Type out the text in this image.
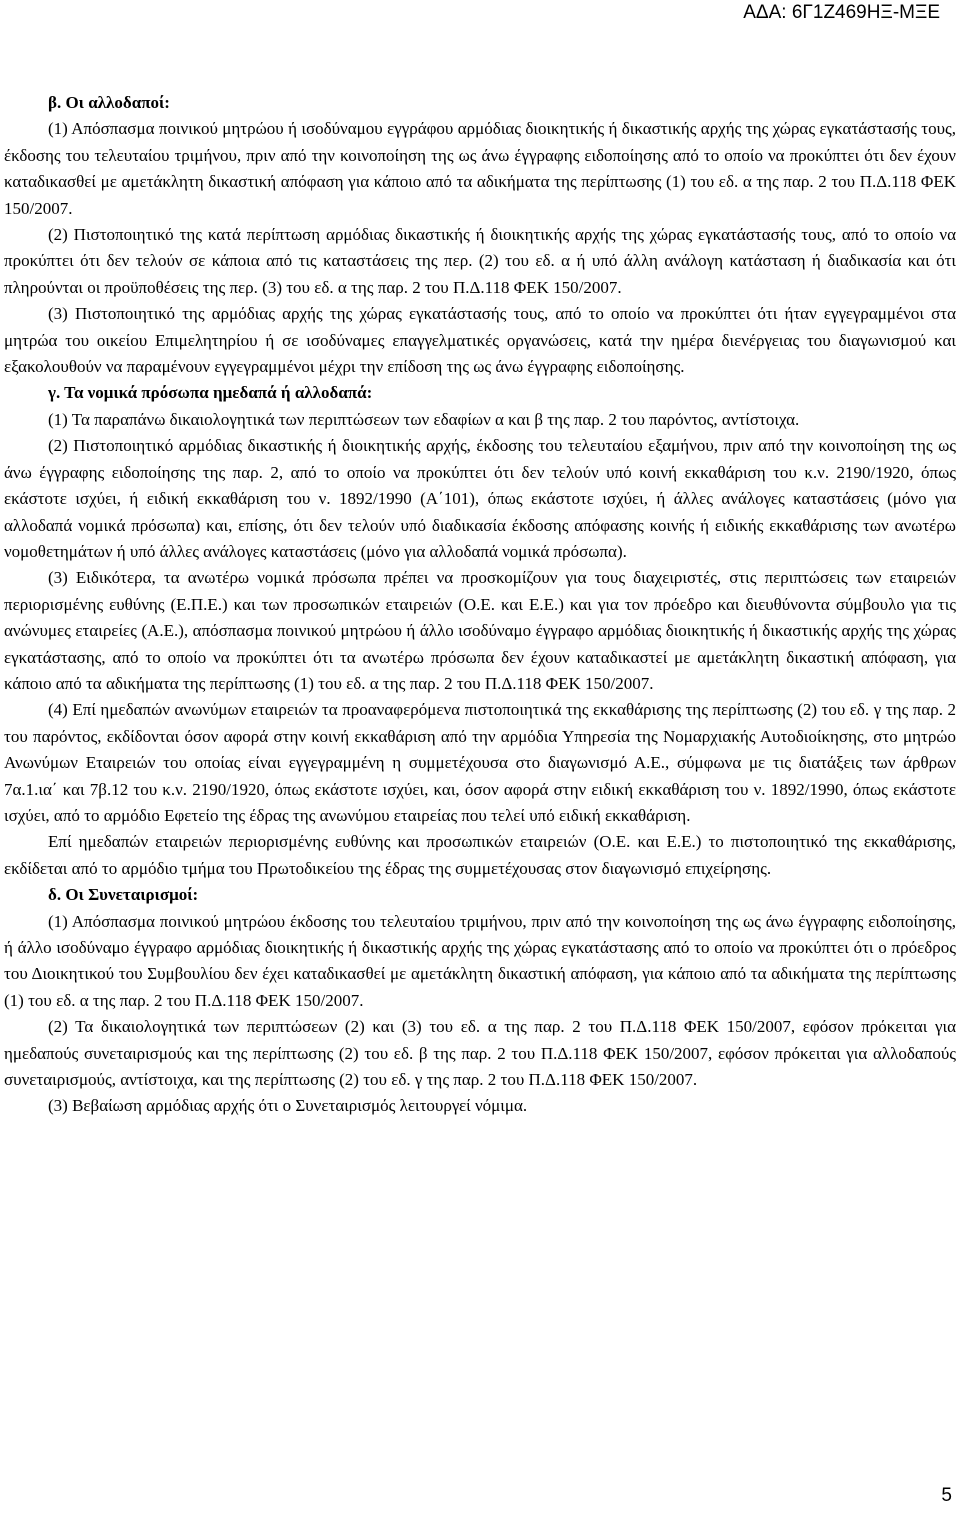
ΑΔΑ: 6Γ1Ζ469ΗΞ-ΜΞΕ

β. Οι αλλοδαποί:

(1) Απόσπασμα ποινικού μητρώου ή ισοδύναμου εγγράφου αρμόδιας διοικητικής ή δικαστικής αρχής της χώρας εγκατάστασής τους, έκδοσης του τελευταίου τριμήνου, πριν από την κοινοποίηση της ως άνω έγγραφης ειδοποίησης από το οποίο να προκύπτει ότι δεν έχουν καταδικασθεί με αμετάκλητη δικαστική απόφαση για κάποιο από τα αδικήματα της περίπτωσης (1) του εδ. α της παρ. 2 του Π.Δ.118 ΦΕΚ 150/2007.

(2) Πιστοποιητικό της κατά περίπτωση αρμόδιας δικαστικής ή διοικητικής αρχής της χώρας εγκατάστασής τους, από το οποίο να προκύπτει ότι δεν τελούν σε κάποια από τις καταστάσεις της περ. (2) του εδ. α ή υπό άλλη ανάλογη κατάσταση ή διαδικασία και ότι πληρούνται οι προϋποθέσεις της περ. (3) του εδ. α της παρ. 2 του Π.Δ.118 ΦΕΚ 150/2007.

(3) Πιστοποιητικό της αρμόδιας αρχής της χώρας εγκατάστασής τους, από το οποίο να προκύπτει ότι ήταν εγγεγραμμένοι στα μητρώα του οικείου Επιμελητηρίου ή σε ισοδύναμες επαγγελματικές οργανώσεις, κατά την ημέρα διενέργειας του διαγωνισμού και εξακολουθούν να παραμένουν εγγεγραμμένοι μέχρι την επίδοση της ως άνω έγγραφης ειδοποίησης.

γ. Τα νομικά πρόσωπα ημεδαπά ή αλλοδαπά:

(1) Τα παραπάνω δικαιολογητικά των περιπτώσεων των εδαφίων α και β της παρ. 2 του παρόντος, αντίστοιχα.

(2) Πιστοποιητικό αρμόδιας δικαστικής ή διοικητικής αρχής, έκδοσης του τελευταίου εξαμήνου, πριν από την κοινοποίηση της ως άνω έγγραφης ειδοποίησης της παρ. 2, από το οποίο να προκύπτει ότι δεν τελούν υπό κοινή εκκαθάριση του κ.ν. 2190/1920, όπως εκάστοτε ισχύει, ή ειδική εκκαθάριση του ν. 1892/1990 (Α΄101), όπως εκάστοτε ισχύει, ή άλλες ανάλογες καταστάσεις (μόνο για αλλοδαπά νομικά πρόσωπα) και, επίσης, ότι δεν τελούν υπό διαδικασία έκδοσης απόφασης κοινής ή ειδικής εκκαθάρισης των ανωτέρω νομοθετημάτων ή υπό άλλες ανάλογες καταστάσεις (μόνο για αλλοδαπά νομικά πρόσωπα).

(3) Ειδικότερα, τα ανωτέρω νομικά πρόσωπα πρέπει να προσκομίζουν για τους διαχειριστές, στις περιπτώσεις των εταιρειών περιορισμένης ευθύνης (Ε.Π.Ε.) και των προσωπικών εταιρειών (Ο.Ε. και Ε.Ε.) και για τον πρόεδρο και διευθύνοντα σύμβουλο για τις ανώνυμες εταιρείες (Α.Ε.), απόσπασμα ποινικού μητρώου ή άλλο ισοδύναμο έγγραφο αρμόδιας διοικητικής ή δικαστικής αρχής της χώρας εγκατάστασης, από το οποίο να προκύπτει ότι τα ανωτέρω πρόσωπα δεν έχουν καταδικαστεί με αμετάκλητη δικαστική απόφαση, για κάποιο από τα αδικήματα της περίπτωσης (1) του εδ. α της παρ. 2 του Π.Δ.118 ΦΕΚ 150/2007.

(4) Επί ημεδαπών ανωνύμων εταιρειών τα προαναφερόμενα πιστοποιητικά της εκκαθάρισης της περίπτωσης (2) του εδ. γ της παρ. 2 του παρόντος, εκδίδονται όσον αφορά στην κοινή εκκαθάριση από την αρμόδια Υπηρεσία της Νομαρχιακής Αυτοδιοίκησης, στο μητρώο Ανωνύμων Εταιρειών του οποίας είναι εγγεγραμμένη η συμμετέχουσα στο διαγωνισμό Α.Ε., σύμφωνα με τις διατάξεις των άρθρων 7α.1.ια΄ και 7β.12 του κ.ν. 2190/1920, όπως εκάστοτε ισχύει, και, όσον αφορά στην ειδική εκκαθάριση του ν. 1892/1990, όπως εκάστοτε ισχύει, από το αρμόδιο Εφετείο της έδρας της ανωνύμου εταιρείας που τελεί υπό ειδική εκκαθάριση.

Επί ημεδαπών εταιρειών περιορισμένης ευθύνης και προσωπικών εταιρειών (Ο.Ε. και Ε.Ε.) το πιστοποιητικό της εκκαθάρισης, εκδίδεται από το αρμόδιο τμήμα του Πρωτοδικείου της έδρας της συμμετέχουσας στον διαγωνισμό επιχείρησης.

δ. Οι Συνεταιρισμοί:

(1) Απόσπασμα ποινικού μητρώου έκδοσης του τελευταίου τριμήνου, πριν από την κοινοποίηση της ως άνω έγγραφης ειδοποίησης, ή άλλο ισοδύναμο έγγραφο αρμόδιας διοικητικής ή δικαστικής αρχής της χώρας εγκατάστασης από το οποίο να προκύπτει ότι ο πρόεδρος του Διοικητικού του Συμβουλίου δεν έχει καταδικασθεί με αμετάκλητη δικαστική απόφαση, για κάποιο από τα αδικήματα της περίπτωσης (1) του εδ. α της παρ. 2 του Π.Δ.118 ΦΕΚ 150/2007.

(2) Τα δικαιολογητικά των περιπτώσεων (2) και (3) του εδ. α της παρ. 2 του Π.Δ.118 ΦΕΚ 150/2007, εφόσον πρόκειται για ημεδαπούς συνεταιρισμούς και της περίπτωσης (2) του εδ. β της παρ. 2 του Π.Δ.118 ΦΕΚ 150/2007, εφόσον πρόκειται για αλλοδαπούς συνεταιρισμούς, αντίστοιχα, και της περίπτωσης (2) του εδ. γ της παρ. 2 του Π.Δ.118 ΦΕΚ 150/2007.

(3) Βεβαίωση αρμόδιας αρχής ότι ο Συνεταιρισμός λειτουργεί νόμιμα.

5
